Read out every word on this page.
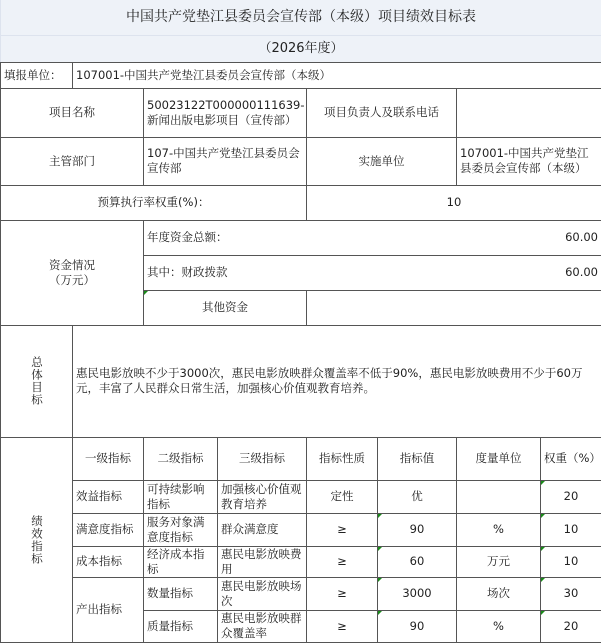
中国共产党垫江县委员会宣传部（本级）项目绩效目标表							
（2026年度）							
填报单位：	107001-中国共产党垫江县委员会宣传部（本级）						
项目名称		50023122T000000111639-新闻出版电影项目（宣传部）		项目负责人及联系电话			
主管部门		107-中国共产党垫江县委员会宣传部		实施单位		107001-中国共产党垫江县委员会宣传部（本级）	
预算执行率权重(%)：				10			
资金情况
（万元）		年度资金总额： 60.00					

		其中：财政拨款 60.00					

		其他资金					

总体目标	惠民电影放映不少于3000次，惠民电影放映群众覆盖率不低于90%，惠民电影放映费用不少于60万元，丰富了人民群众日常生活，加强核心价值观教育培养。						

绩效指标	一级指标	二级指标	三级指标	指标性质	指标值	度量单位	权重（%）
	效益指标	可持续影响指标	加强核心价值观教育培养	定性	优		20
	满意度指标	服务对象满意度指标	群众满意度	≥	90	%	10
	成本指标	经济成本指标	惠民电影放映费用	≥	60	万元	10
	产出指标	数量指标	惠民电影放映场次	≥	3000	场次	30
		质量指标	惠民电影放映群众覆盖率	≥	90	%	20
